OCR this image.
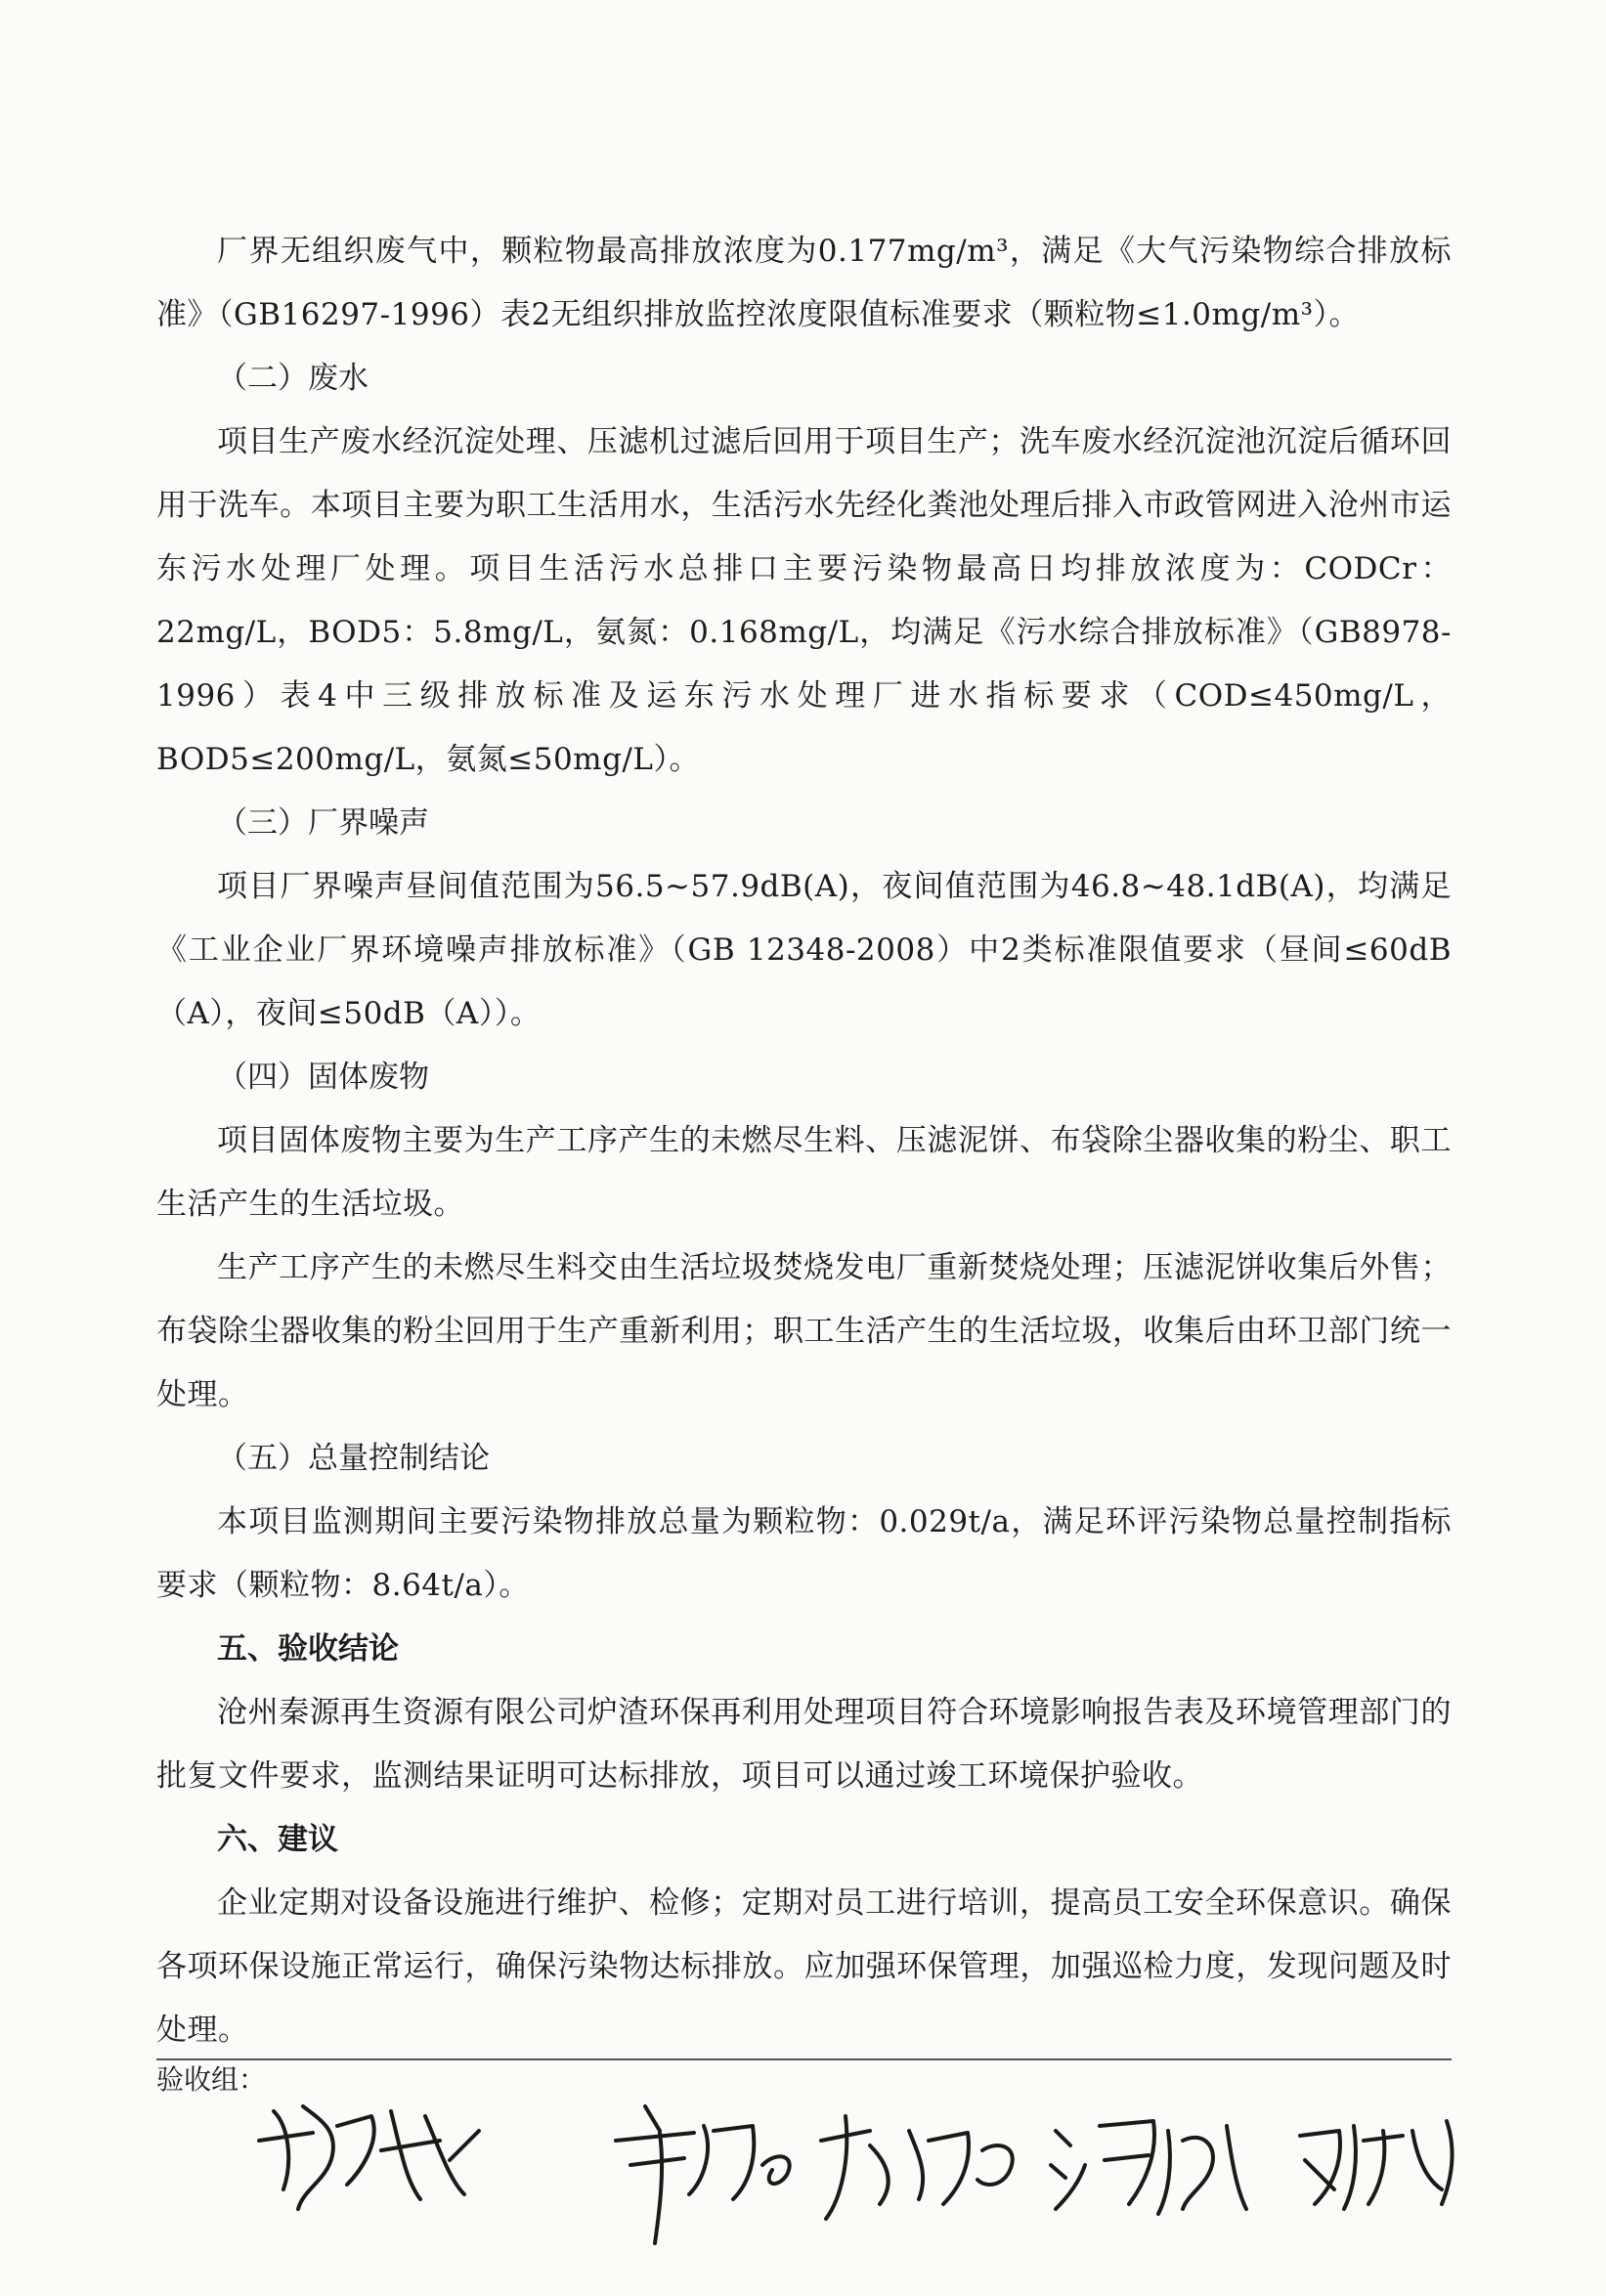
厂界无组织废气中，颗粒物最高排放浓度为0.177mg/m³，满足《大气污染物综合排放标准》（GB16297-1996）表2无组织排放监控浓度限值标准要求（颗粒物≤1.0mg/m³）。

（二）废水

项目生产废水经沉淀处理、压滤机过滤后回用于项目生产；洗车废水经沉淀池沉淀后循环回用于洗车。本项目主要为职工生活用水，生活污水先经化粪池处理后排入市政管网进入沧州市运东污水处理厂处理。项目生活污水总排口主要污染物最高日均排放浓度为：CODCr：22mg/L，BOD5：5.8mg/L，氨氮：0.168mg/L，均满足《污水综合排放标准》（GB8978-1996）表4中三级排放标准及运东污水处理厂进水指标要求（COD≤450mg/L，BOD5≤200mg/L，氨氮≤50mg/L）。

（三）厂界噪声

项目厂界噪声昼间值范围为56.5~57.9dB(A)，夜间值范围为46.8~48.1dB(A)，均满足《工业企业厂界环境噪声排放标准》（GB 12348-2008）中2类标准限值要求（昼间≤60dB（A），夜间≤50dB（A））。

（四）固体废物

项目固体废物主要为生产工序产生的未燃尽生料、压滤泥饼、布袋除尘器收集的粉尘、职工生活产生的生活垃圾。

生产工序产生的未燃尽生料交由生活垃圾焚烧发电厂重新焚烧处理；压滤泥饼收集后外售；布袋除尘器收集的粉尘回用于生产重新利用；职工生活产生的生活垃圾，收集后由环卫部门统一处理。

（五）总量控制结论

本项目监测期间主要污染物排放总量为颗粒物：0.029t/a，满足环评污染物总量控制指标要求（颗粒物：8.64t/a）。

五、验收结论

沧州秦源再生资源有限公司炉渣环保再利用处理项目符合环境影响报告表及环境管理部门的批复文件要求，监测结果证明可达标排放，项目可以通过竣工环境保护验收。

六、建议

企业定期对设备设施进行维护、检修；定期对员工进行培训，提高员工安全环保意识。确保各项环保设施正常运行，确保污染物达标排放。应加强环保管理，加强巡检力度，发现问题及时处理。

验收组：
